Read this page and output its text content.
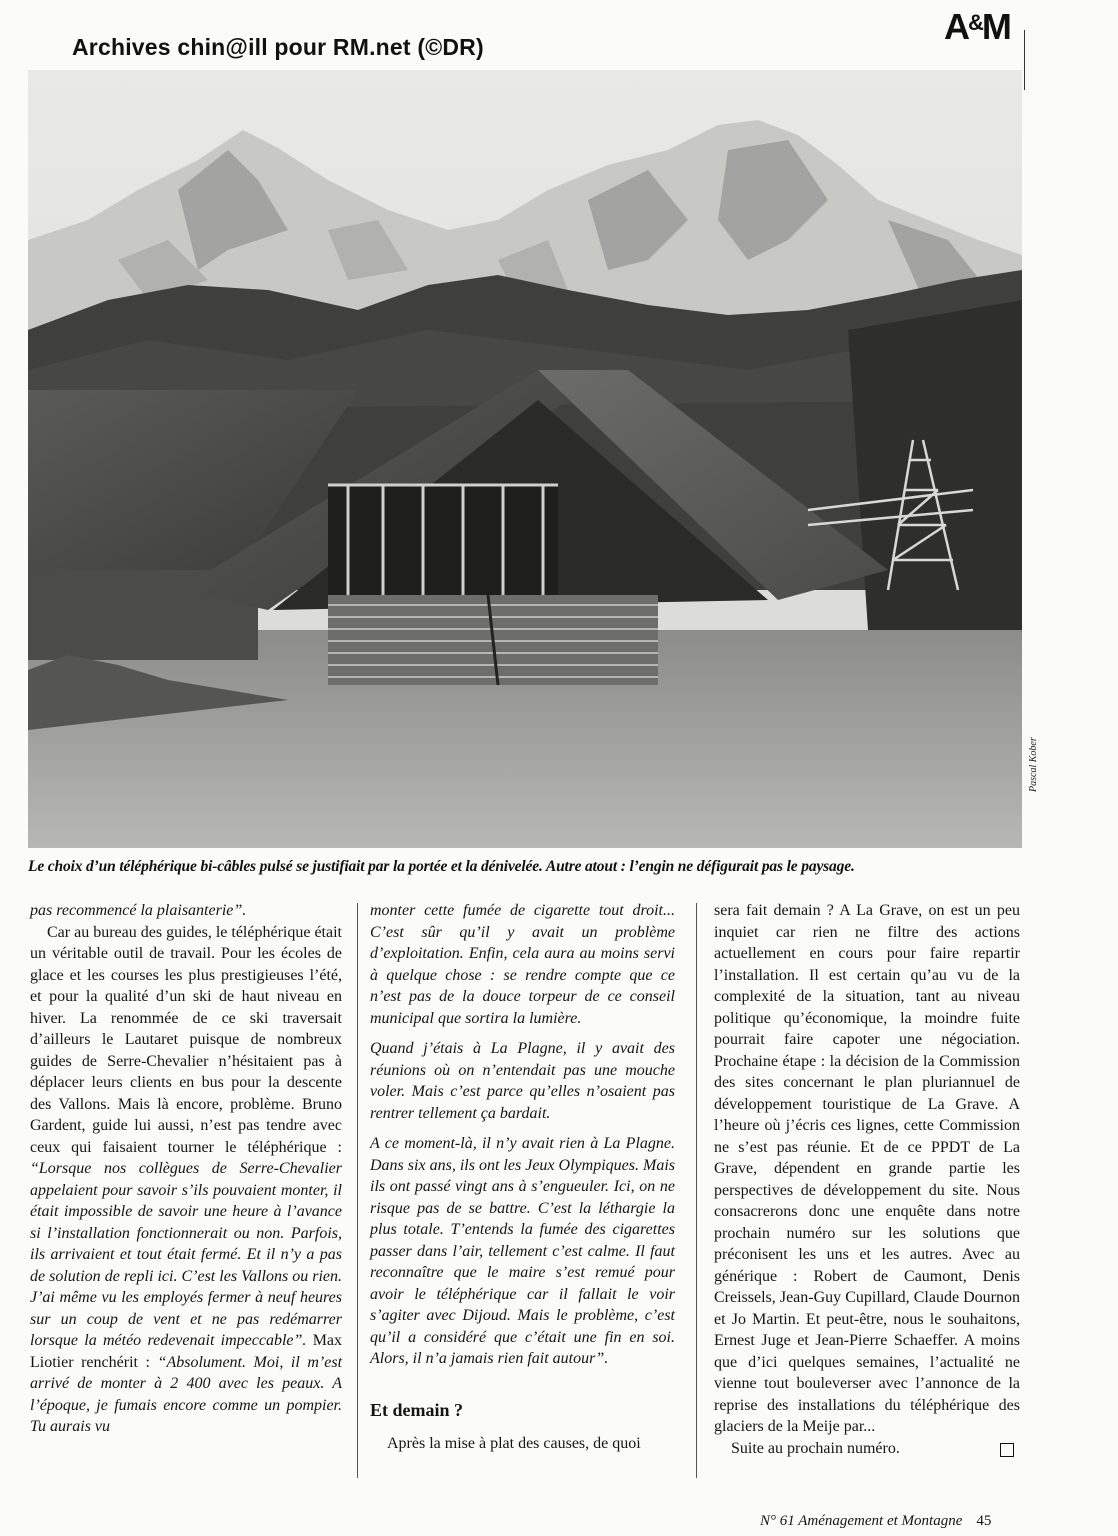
Archives chin@ill pour RM.net (©DR)	A&M
Pascal Kober
Le choix d’un téléphérique bi-câbles pulsé se justifiait par la portée et la dénivelée. Autre atout : l’engin ne défigurait pas le paysage.

pas recommencé la plaisanterie”.

Car au bureau des guides, le téléphérique était un véritable outil de travail. Pour les écoles de glace et les courses les plus prestigieuses l’été, et pour la qualité d’un ski de haut niveau en hiver. La renommée de ce ski traversait d’ailleurs le Lautaret puisque de nombreux guides de Serre-Chevalier n’hésitaient pas à déplacer leurs clients en bus pour la descente des Vallons. Mais là encore, problème. Bruno Gardent, guide lui aussi, n’est pas tendre avec ceux qui faisaient tourner le téléphérique : “Lorsque nos collègues de Serre-Chevalier appelaient pour savoir s’ils pouvaient monter, il était impossible de savoir une heure à l’avance si l’installation fonctionnerait ou non. Parfois, ils arrivaient et tout était fermé. Et il n’y a pas de solution de repli ici. C’est les Vallons ou rien. J’ai même vu les employés fermer à neuf heures sur un coup de vent et ne pas redémarrer lorsque la météo redevenait impeccable”. Max Liotier renchérit : “Absolument. Moi, il m’est arrivé de monter à 2 400 avec les peaux. A l’époque, je fumais encore comme un pompier. Tu aurais vu

monter cette fumée de cigarette tout droit... C’est sûr qu’il y avait un problème d’exploitation. Enfin, cela aura au moins servi à quelque chose : se rendre compte que ce n’est pas de la douce torpeur de ce conseil municipal que sortira la lumière.

Quand j’étais à La Plagne, il y avait des réunions où on n’entendait pas une mouche voler. Mais c’est parce qu’elles n’osaient pas rentrer tellement ça bardait.

A ce moment-là, il n’y avait rien à La Plagne. Dans six ans, ils ont les Jeux Olympiques. Mais ils ont passé vingt ans à s’engueuler. Ici, on ne risque pas de se battre. C’est la léthargie la plus totale. T’entends la fumée des cigarettes passer dans l’air, tellement c’est calme. Il faut reconnaître que le maire s’est remué pour avoir le téléphérique car il fallait le voir s’agiter avec Dijoud. Mais le problème, c’est qu’il a considéré que c’était une fin en soi. Alors, il n’a jamais rien fait autour”.

Et demain ?

Après la mise à plat des causes, de quoi

sera fait demain ? A La Grave, on est un peu inquiet car rien ne filtre des actions actuellement en cours pour faire repartir l’installation. Il est certain qu’au vu de la complexité de la situation, tant au niveau politique qu’économique, la moindre fuite pourrait faire capoter une négociation. Prochaine étape : la décision de la Commission des sites concernant le plan pluriannuel de développement touristique de La Grave. A l’heure où j’écris ces lignes, cette Commission ne s’est pas réunie. Et de ce PPDT de La Grave, dépendent en grande partie les perspectives de développement du site. Nous consacrerons donc une enquête dans notre prochain numéro sur les solutions que préconisent les uns et les autres. Avec au générique : Robert de Caumont, Denis Creissels, Jean-Guy Cupillard, Claude Dournon et Jo Martin. Et peut-être, nous le souhaitons, Ernest Juge et Jean-Pierre Schaeffer. A moins que d’ici quelques semaines, l’actualité ne vienne tout bouleverser avec l’annonce de la reprise des installations du téléphérique des glaciers de la Meije par...

Suite au prochain numéro.

N° 61 Aménagement et Montagne 45
